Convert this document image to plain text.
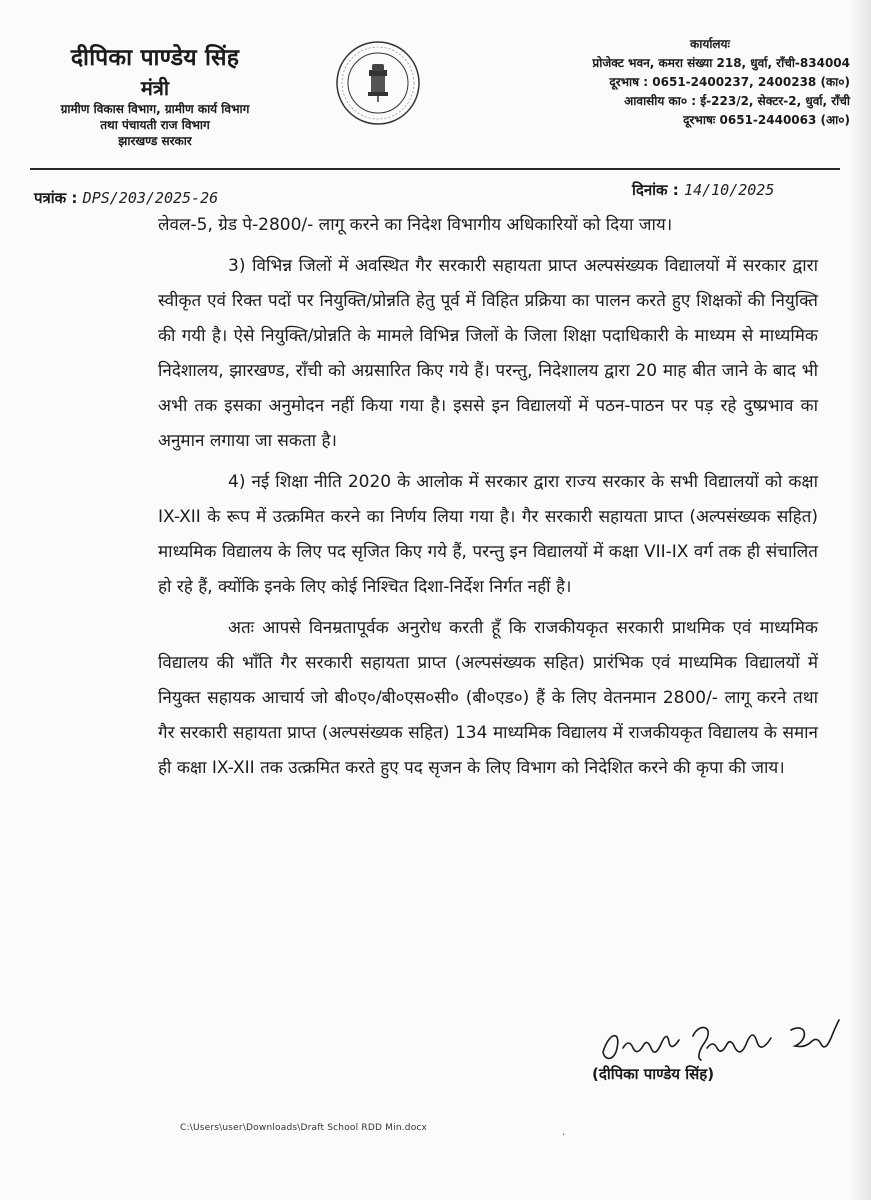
दीपिका पाण्डेय सिंह
मंत्री
ग्रामीण विकास विभाग, ग्रामीण कार्य विभाग
तथा पंचायती राज विभाग
झारखण्ड सरकार
कार्यालयः
प्रोजेक्ट भवन, कमरा संख्या 218, धुर्वा, राँची-834004
दूरभाष : 0651-2400237, 2400238 (का०)
आवासीय का० : ई-223/2, सेक्टर-2, धुर्वा, राँची
दूरभाषः 0651-2440063 (आ०)
पत्रांक : DPS/203/2025-26	दिनांक : 14/10/2025

लेवल-5, ग्रेड पे-2800/- लागू करने का निदेश विभागीय अधिकारियों को दिया जाय।

3) विभिन्न जिलों में अवस्थित गैर सरकारी सहायता प्राप्त अल्पसंख्यक विद्यालयों में सरकार द्वारा स्वीकृत एवं रिक्त पदों पर नियुक्ति/प्रोन्नति हेतु पूर्व में विहित प्रक्रिया का पालन करते हुए शिक्षकों की नियुक्ति की गयी है। ऐसे नियुक्ति/प्रोन्नति के मामले विभिन्न जिलों के जिला शिक्षा पदाधिकारी के माध्यम से माध्यमिक निदेशालय, झारखण्ड, राँची को अग्रसारित किए गये हैं। परन्तु, निदेशालय द्वारा 20 माह बीत जाने के बाद भी अभी तक इसका अनुमोदन नहीं किया गया है। इससे इन विद्यालयों में पठन-पाठन पर पड़ रहे दुष्प्रभाव का अनुमान लगाया जा सकता है।

4) नई शिक्षा नीति 2020 के आलोक में सरकार द्वारा राज्य सरकार के सभी विद्यालयों को कक्षा IX-XII के रूप में उत्क्रमित करने का निर्णय लिया गया है। गैर सरकारी सहायता प्राप्त (अल्पसंख्यक सहित) माध्यमिक विद्यालय के लिए पद सृजित किए गये हैं, परन्तु इन विद्यालयों में कक्षा VII-IX वर्ग तक ही संचालित हो रहे हैं, क्योंकि इनके लिए कोई निश्चित दिशा-निर्देश निर्गत नहीं है।

अतः आपसे विनम्रतापूर्वक अनुरोध करती हूँ कि राजकीयकृत सरकारी प्राथमिक एवं माध्यमिक विद्यालय की भाँति गैर सरकारी सहायता प्राप्त (अल्पसंख्यक सहित) प्रारंभिक एवं माध्यमिक विद्यालयों में नियुक्त सहायक आचार्य जो बी०ए०/बी०एस०सी० (बी०एड०) हैं के लिए वेतनमान 2800/- लागू करने तथा गैर सरकारी सहायता प्राप्त (अल्पसंख्यक सहित) 134 माध्यमिक विद्यालय में राजकीयकृत विद्यालय के समान ही कक्षा IX-XII तक उत्क्रमित करते हुए पद सृजन के लिए विभाग को निदेशित करने की कृपा की जाय।

(दीपिका पाण्डेय सिंह)
C:\Users\user\Downloads\Draft School RDD Min.docx
·
